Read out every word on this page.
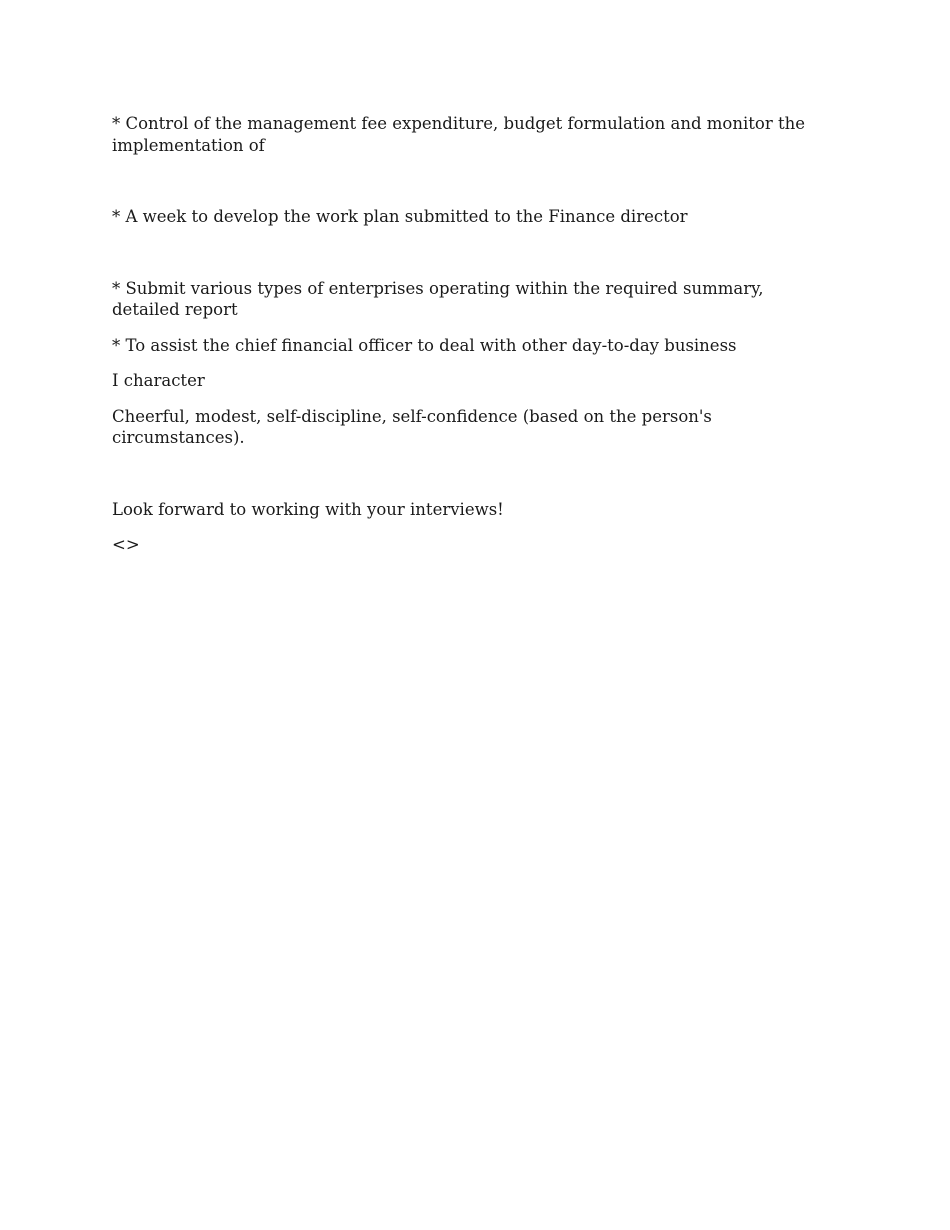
* Control of the management fee expenditure, budget formulation and monitor the implementation of

* A week to develop the work plan submitted to the Finance director

* Submit various types of enterprises operating within the required summary, detailed report

* To assist the chief financial officer to deal with other day-to-day business

I character

Cheerful, modest, self-discipline, self-confidence (based on the person's circumstances).

Look forward to working with your interviews!

<>
